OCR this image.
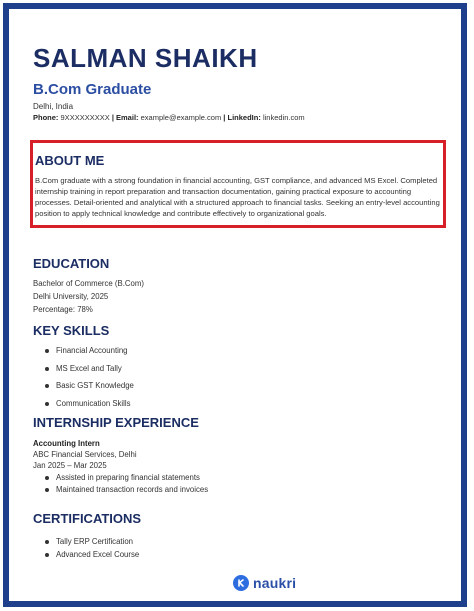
SALMAN SHAIKH
B.Com Graduate
Delhi, India
Phone: 9XXXXXXXXX | Email: example@example.com | LinkedIn: linkedin.com
ABOUT ME
B.Com graduate with a strong foundation in financial accounting, GST compliance, and advanced MS Excel. Completed internship training in report preparation and transaction documentation, gaining practical exposure to accounting processes. Detail-oriented and analytical with a structured approach to financial tasks. Seeking an entry-level accounting position to apply technical knowledge and contribute effectively to organizational goals.
EDUCATION
Bachelor of Commerce (B.Com)
Delhi University, 2025
Percentage: 78%
KEY SKILLS
Financial Accounting
MS Excel and Tally
Basic GST Knowledge
Communication Skills
INTERNSHIP EXPERIENCE
Accounting Intern
ABC Financial Services, Delhi
Jan 2025 – Mar 2025
Assisted in preparing financial statements
Maintained transaction records and invoices
CERTIFICATIONS
Tally ERP Certification
Advanced Excel Course
naukri
